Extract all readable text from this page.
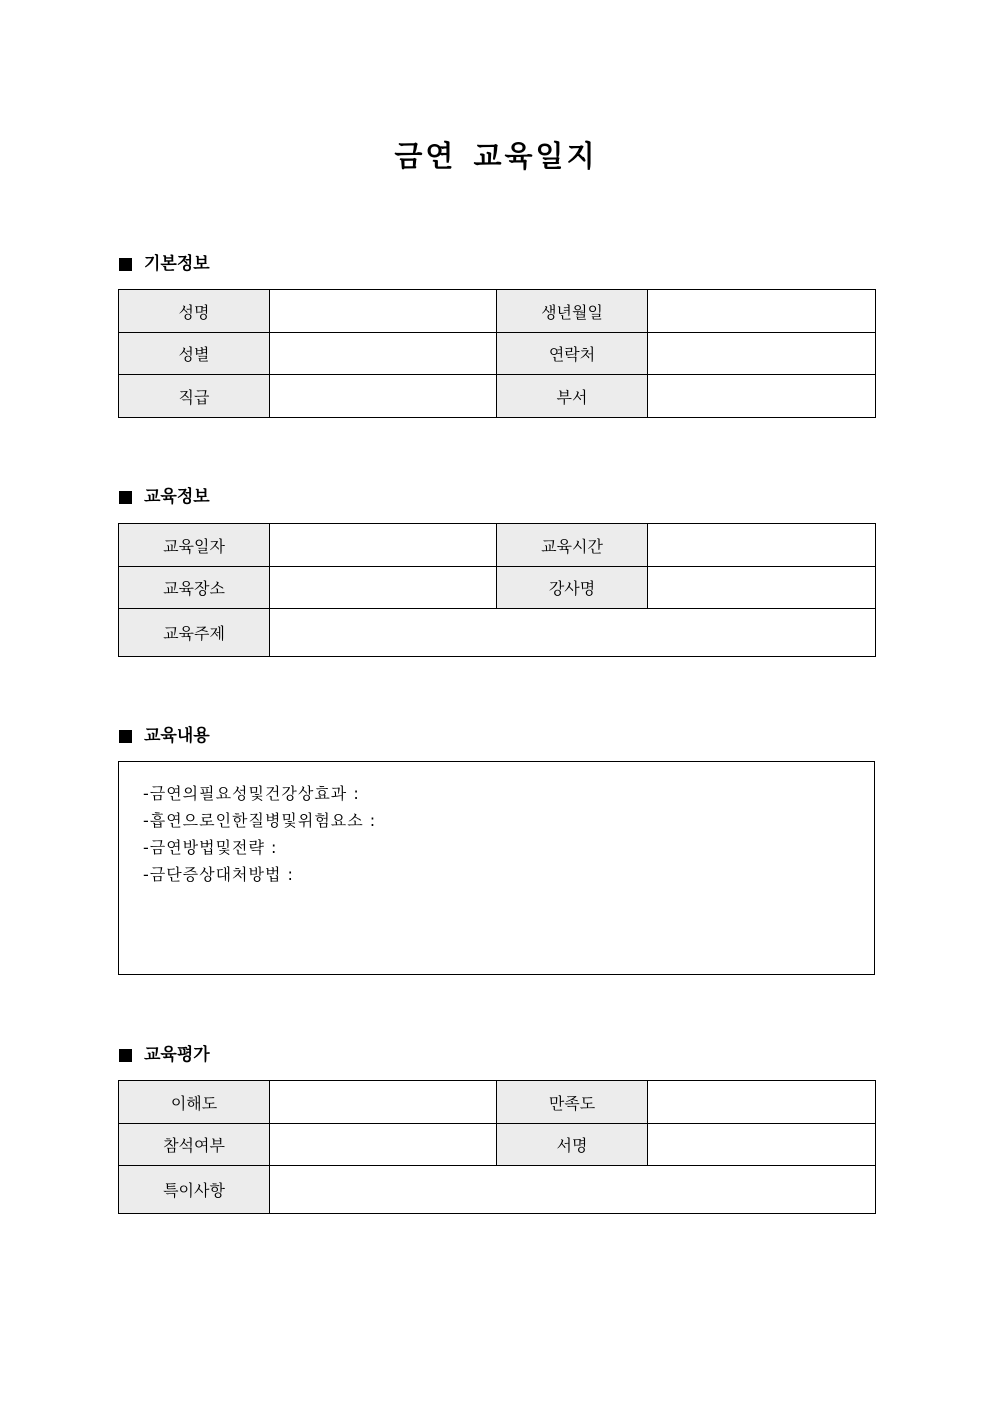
금연 교육일지
기본정보
성명		생년월일	
성별		연락처	
직급		부서	
교육정보
교육일자		교육시간	
교육장소		강사명	
교육주제			
교육내용
-금연의필요성및건강상효과 :
-흡연으로인한질병및위험요소 :
-금연방법및전략 :
-금단증상대처방법 :
교육평가
이해도		만족도	
참석여부		서명	
특이사항			
